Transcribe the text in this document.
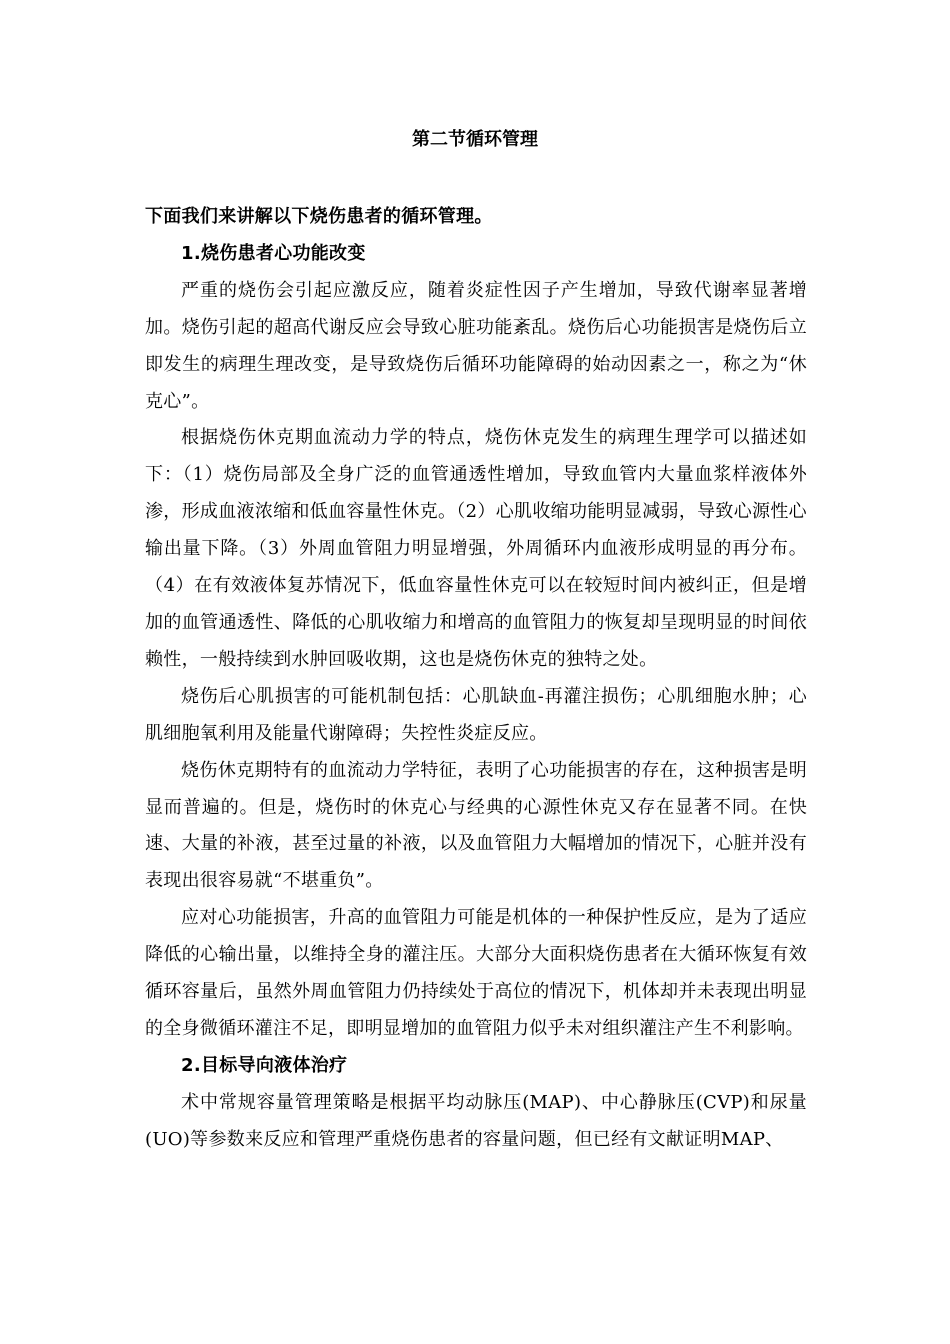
第二节循环管理

下面我们来讲解以下烧伤患者的循环管理。

1.烧伤患者心功能改变

严重的烧伤会引起应激反应，随着炎症性因子产生增加，导致代谢率显著增加。烧伤引起的超高代谢反应会导致心脏功能紊乱。烧伤后心功能损害是烧伤后立即发生的病理生理改变，是导致烧伤后循环功能障碍的始动因素之一，称之为“休克心”。

根据烧伤休克期血流动力学的特点，烧伤休克发生的病理生理学可以描述如下：（1）烧伤局部及全身广泛的血管通透性增加，导致血管内大量血浆样液体外渗，形成血液浓缩和低血容量性休克。（2）心肌收缩功能明显减弱，导致心源性心输出量下降。（3）外周血管阻力明显增强，外周循环内血液形成明显的再分布。（4）在有效液体复苏情况下，低血容量性休克可以在较短时间内被纠正，但是增加的血管通透性、降低的心肌收缩力和增高的血管阻力的恢复却呈现明显的时间依赖性，一般持续到水肿回吸收期，这也是烧伤休克的独特之处。

烧伤后心肌损害的可能机制包括：心肌缺血-再灌注损伤；心肌细胞水肿；心肌细胞氧利用及能量代谢障碍；失控性炎症反应。

烧伤休克期特有的血流动力学特征，表明了心功能损害的存在，这种损害是明显而普遍的。但是，烧伤时的休克心与经典的心源性休克又存在显著不同。在快速、大量的补液，甚至过量的补液，以及血管阻力大幅增加的情况下，心脏并没有表现出很容易就“不堪重负”。

应对心功能损害，升高的血管阻力可能是机体的一种保护性反应，是为了适应降低的心输出量，以维持全身的灌注压。大部分大面积烧伤患者在大循环恢复有效循环容量后，虽然外周血管阻力仍持续处于高位的情况下，机体却并未表现出明显的全身微循环灌注不足，即明显增加的血管阻力似乎未对组织灌注产生不利影响。

2.目标导向液体治疗

术中常规容量管理策略是根据平均动脉压(MAP)、中心静脉压(CVP)和尿量(UO)等参数来反应和管理严重烧伤患者的容量问题，但已经有文献证明MAP、
